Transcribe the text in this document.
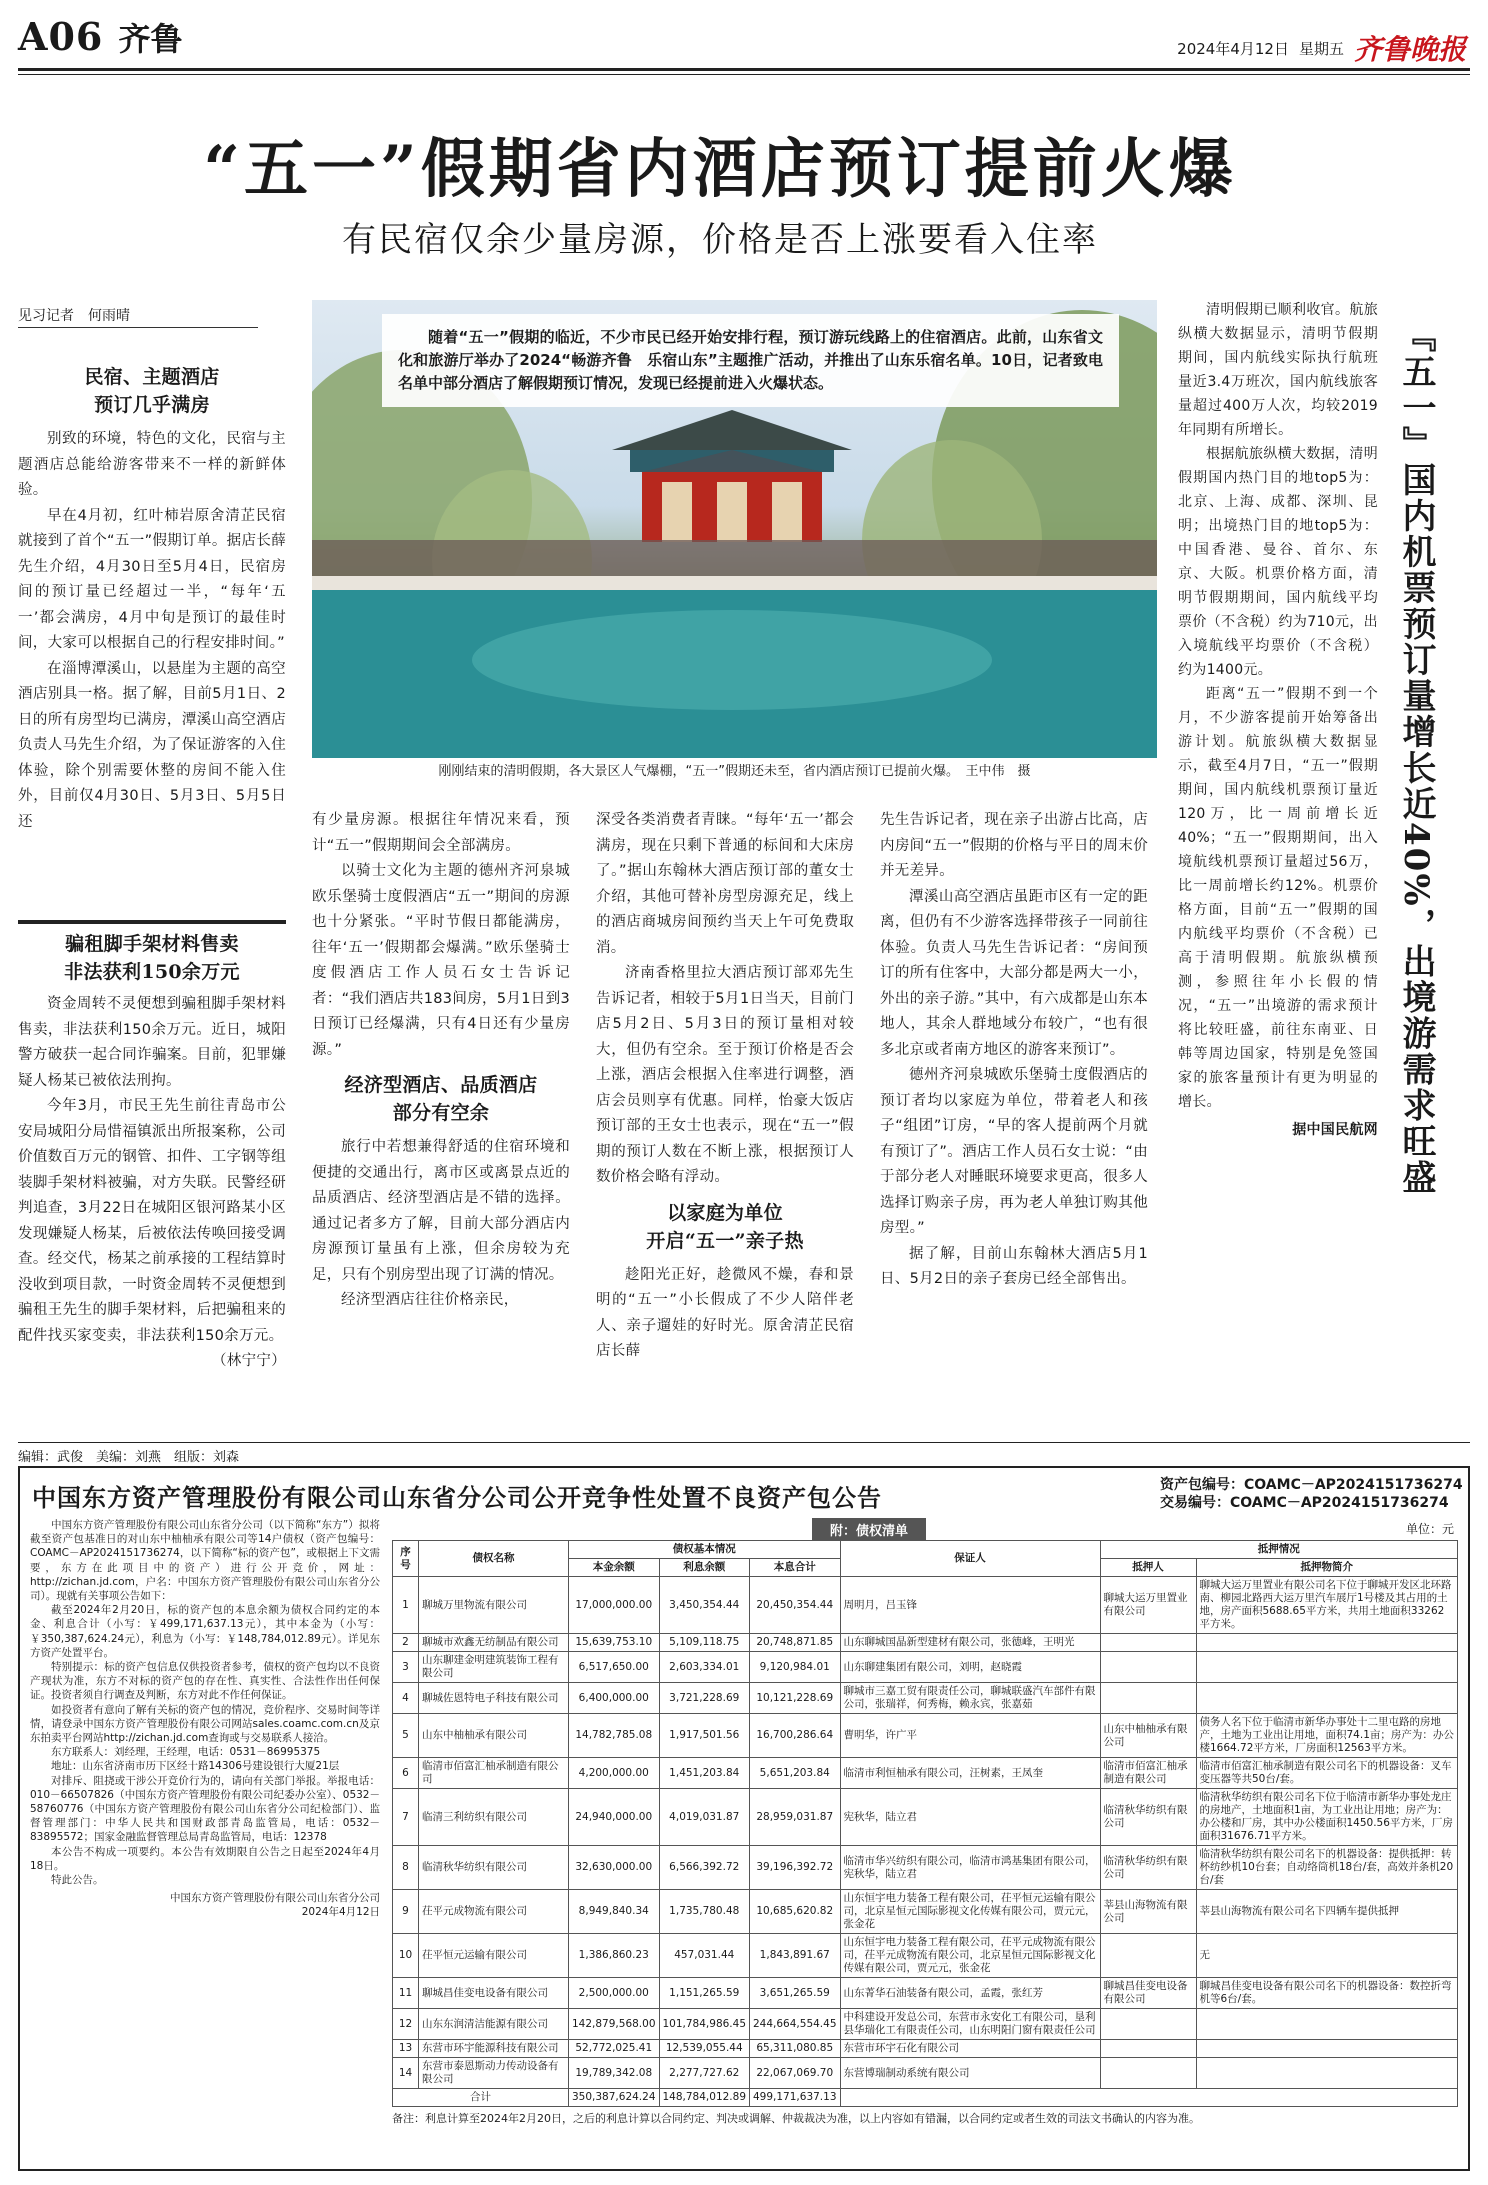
A06 齐鲁	2024年4月12日 星期五 齐鲁晚报
“五一”假期省内酒店预订提前火爆
有民宿仅余少量房源，价格是否上涨要看入住率
见习记者　何雨晴
民宿、主题酒店
预订几乎满房

别致的环境，特色的文化，民宿与主题酒店总能给游客带来不一样的新鲜体验。

早在4月初，红叶柿岩原舍清芷民宿就接到了首个“五一”假期订单。据店长薛先生介绍，4月30日至5月4日，民宿房间的预订量已经超过一半，“每年‘五一’都会满房，4月中旬是预订的最佳时间，大家可以根据自己的行程安排时间。”

在淄博潭溪山，以悬崖为主题的高空酒店别具一格。据了解，目前5月1日、2日的所有房型均已满房，潭溪山高空酒店负责人马先生介绍，为了保证游客的入住体验，除个别需要休整的房间不能入住外，目前仅4月30日、5月3日、5月5日还

骗租脚手架材料售卖
非法获利150余万元

资金周转不灵便想到骗租脚手架材料售卖，非法获利150余万元。近日，城阳警方破获一起合同诈骗案。目前，犯罪嫌疑人杨某已被依法刑拘。

今年3月，市民王先生前往青岛市公安局城阳分局惜福镇派出所报案称，公司价值数百万元的钢管、扣件、工字钢等组装脚手架材料被骗，对方失联。民警经研判追查，3月22日在城阳区银河路某小区发现嫌疑人杨某，后被依法传唤回接受调查。经交代，杨某之前承接的工程结算时没收到项目款，一时资金周转不灵便想到骗租王先生的脚手架材料，后把骗租来的配件找买家变卖，非法获利150余万元。

（林宁宁）
随着“五一”假期的临近，不少市民已经开始安排行程，预订游玩线路上的住宿酒店。此前，山东省文化和旅游厅举办了2024“畅游齐鲁　乐宿山东”主题推广活动，并推出了山东乐宿名单。10日，记者致电名单中部分酒店了解假期预订情况，发现已经提前进入火爆状态。
刚刚结束的清明假期，各大景区人气爆棚，“五一”假期还未至，省内酒店预订已提前火爆。　王中伟　摄

有少量房源。根据往年情况来看，预计“五一”假期期间会全部满房。

以骑士文化为主题的德州齐河泉城欧乐堡骑士度假酒店“五一”期间的房源也十分紧张。“平时节假日都能满房，往年‘五一’假期都会爆满。”欧乐堡骑士度假酒店工作人员石女士告诉记者：“我们酒店共183间房，5月1日到3日预订已经爆满，只有4日还有少量房源。”

经济型酒店、品质酒店
部分有空余

旅行中若想兼得舒适的住宿环境和便捷的交通出行，离市区或离景点近的品质酒店、经济型酒店是不错的选择。通过记者多方了解，目前大部分酒店内房源预订量虽有上涨，但余房较为充足，只有个别房型出现了订满的情况。

经济型酒店往往价格亲民，

深受各类消费者青睐。“每年‘五一’都会满房，现在只剩下普通的标间和大床房了。”据山东翰林大酒店预订部的董女士介绍，其他可替补房型房源充足，线上的酒店商城房间预约当天上午可免费取消。

济南香格里拉大酒店预订部邓先生告诉记者，相较于5月1日当天，目前门店5月2日、5月3日的预订量相对较大，但仍有空余。至于预订价格是否会上涨，酒店会根据入住率进行调整，酒店会员则享有优惠。同样，怡豪大饭店预订部的王女士也表示，现在“五一”假期的预订人数在不断上涨，根据预订人数价格会略有浮动。

以家庭为单位
开启“五一”亲子热

趁阳光正好，趁微风不燥，春和景明的“五一”小长假成了不少人陪伴老人、亲子遛娃的好时光。原舍清芷民宿店长薛

先生告诉记者，现在亲子出游占比高，店内房间“五一”假期的价格与平日的周末价并无差异。

潭溪山高空酒店虽距市区有一定的距离，但仍有不少游客选择带孩子一同前往体验。负责人马先生告诉记者：“房间预订的所有住客中，大部分都是两大一小，外出的亲子游。”其中，有六成都是山东本地人，其余人群地域分布较广，“也有很多北京或者南方地区的游客来预订”。

德州齐河泉城欧乐堡骑士度假酒店的预订者均以家庭为单位，带着老人和孩子“组团”订房，“早的客人提前两个月就有预订了”。酒店工作人员石女士说：“由于部分老人对睡眠环境要求更高，很多人选择订购亲子房，再为老人单独订购其他房型。”

据了解，目前山东翰林大酒店5月1日、5月2日的亲子套房已经全部售出。

清明假期已顺利收官。航旅纵横大数据显示，清明节假期期间，国内航线实际执行航班量近3.4万班次，国内航线旅客量超过400万人次，均较2019年同期有所增长。

根据航旅纵横大数据，清明假期国内热门目的地top5为：北京、上海、成都、深圳、昆明；出境热门目的地top5为：中国香港、曼谷、首尔、东京、大阪。机票价格方面，清明节假期期间，国内航线平均票价（不含税）约为710元，出入境航线平均票价（不含税）约为1400元。

距离“五一”假期不到一个月，不少游客提前开始筹备出游计划。航旅纵横大数据显示，截至4月7日，“五一”假期期间，国内航线机票预订量近120万，比一周前增长近40%；“五一”假期期间，出入境航线机票预订量超过56万，比一周前增长约12%。机票价格方面，目前“五一”假期的国内航线平均票价（不含税）已高于清明假期。航旅纵横预测，参照往年小长假的情况，“五一”出境游的需求预计将比较旺盛，前往东南亚、日韩等周边国家，特别是免签国家的旅客量预计有更为明显的增长。

据中国民航网 『五一』国内机票预订量增长近40%，出境游需求旺盛
编辑：武俊　美编：刘燕　组版：刘森
中国东方资产管理股份有限公司山东省分公司公开竞争性处置不良资产包公告	资产包编号：COAMC－AP2024151736274
交易编号：COAMC－AP2024151736274
中国东方资产管理股份有限公司山东省分公司（以下简称“东方”）拟将截至资产包基准日的对山东中柚柚承有限公司等14户债权（资产包编号：COAMC－AP2024151736274，以下简称“标的资产包”，或根据上下文需要，东方在此项目中的资产）进行公开竞价，网址：http://zichan.jd.com，户名：中国东方资产管理股份有限公司山东省分公司）。现就有关事项公告如下：
截至2024年2月20日，标的资产包的本息余额为债权合同约定的本金、利息合计（小写：￥499,171,637.13元），其中本金为（小写：￥350,387,624.24元），利息为（小写：￥148,784,012.89元）。详见东方资产处置平台。
特别提示：标的资产包信息仅供投资者参考，债权的资产包均以不良资产现状为准，东方不对标的资产包的存在性、真实性、合法性作出任何保证。投资者须自行调查及判断，东方对此不作任何保证。
如投资者有意向了解有关标的资产包的情况，竞价程序、交易时间等详情，请登录中国东方资产管理股份有限公司网站sales.coamc.com.cn及京东拍卖平台网站http://zichan.jd.com查询或与交易联系人接洽。
东方联系人：刘经理，王经理，电话：0531－86995375
地址：山东省济南市历下区经十路14306号建设银行大厦21层
对排斥、阻挠或干涉公开竞价行为的，请向有关部门举报。举报电话：010－66507826（中国东方资产管理股份有限公司纪委办公室）、0532－58760776（中国东方资产管理股份有限公司山东省分公司纪检部门）、监督管理部门：中华人民共和国财政部青岛监管局，电话：0532－83895572；国家金融监督管理总局青岛监管局，电话：12378
本公告不构成一项要约。本公告有效期限自公告之日起至2024年4月18日。
特此公告。
中国东方资产管理股份有限公司山东省分公司
2024年4月12日
附：债权清单	单位：元
序号	债权名称	债权基本情况			保证人	抵押情况	
		本金余额	利息余额	本息合计		抵押人	抵押物简介
1	聊城万里物流有限公司	17,000,000.00	3,450,354.44	20,450,354.44	周明月，吕玉锋	聊城大运万里置业有限公司	聊城大运万里置业有限公司名下位于聊城开发区北环路南、柳园北路西大运万里汽车展厅1号楼及其占用的土地，房产面积5688.65平方米，共用土地面积33262平方米。
2	聊城市欢鑫无纺制品有限公司	15,639,753.10	5,109,118.75	20,748,871.85	山东聊城国晶新型建材有限公司，张德峰，王明光		
3	山东聊建金明建筑装饰工程有限公司	6,517,650.00	2,603,334.01	9,120,984.01	山东聊建集团有限公司，刘明，赵晓霞		
4	聊城佐恩特电子科技有限公司	6,400,000.00	3,721,228.69	10,121,228.69	聊城市三嘉工贸有限责任公司，聊城联盛汽车部件有限公司，张瑞祥，何秀梅，赖永宾，张嘉茹		
5	山东中柚柚承有限公司	14,782,785.08	1,917,501.56	16,700,286.64	曹明华，许广平	山东中柚柚承有限公司	债务人名下位于临清市新华办事处十二里屯路的房地产，土地为工业出让用地，面积74.1亩；房产为：办公楼1664.72平方米，厂房面积12563平方米。
6	临清市佰富汇柚承制造有限公司	4,200,000.00	1,451,203.84	5,651,203.84	临清市利恒柚承有限公司，汪树素，王凤奎	临清市佰富汇柚承制造有限公司	临清市佰富汇柚承制造有限公司名下的机器设备：叉车变压器等共50台/套。
7	临清三利纺织有限公司	24,940,000.00	4,019,031.87	28,959,031.87	宪秋华，陆立君	临清秋华纺织有限公司	临清秋华纺织有限公司名下位于临清市新华办事处龙庄的房地产，土地面积1亩，为工业出让用地；房产为：办公楼和厂房，其中办公楼面积1450.56平方米，厂房面积31676.71平方米。
8	临清秋华纺织有限公司	32,630,000.00	6,566,392.72	39,196,392.72	临清市华兴纺织有限公司，临清市鸿基集团有限公司，宪秋华，陆立君	临清秋华纺织有限公司	临清秋华纺织有限公司名下的机器设备：提供抵押：转杯纺纱机10台套；自动络筒机18台/套，高效并条机20台/套
9	茌平元成物流有限公司	8,949,840.34	1,735,780.48	10,685,620.82	山东恒宇电力装备工程有限公司，茌平恒元运输有限公司，北京星恒元国际影视文化传媒有限公司，贾元元，张金花	莘县山海物流有限公司	莘县山海物流有限公司名下四辆车提供抵押
10	茌平恒元运输有限公司	1,386,860.23	457,031.44	1,843,891.67	山东恒宇电力装备工程有限公司，茌平元成物流有限公司，茌平元成物流有限公司，北京星恒元国际影视文化传媒有限公司，贾元元，张金花		无
11	聊城昌佳变电设备有限公司	2,500,000.00	1,151,265.59	3,651,265.59	山东菁华石油装备有限公司，孟霞，张红芳	聊城昌佳变电设备有限公司	聊城昌佳变电设备有限公司名下的机器设备：数控折弯机等6台/套。
12	山东东润清洁能源有限公司	142,879,568.00	101,784,986.45	244,664,554.45	中科建设开发总公司，东营市永安化工有限公司，垦利县华瑞化工有限责任公司，山东明阳门窗有限责任公司		
13	东营市环宇能源科技有限公司	52,772,025.41	12,539,055.44	65,311,080.85	东营市环宇石化有限公司		
14	东营市泰恩斯动力传动设备有限公司	19,789,342.08	2,277,727.62	22,067,069.70	东营博瑞制动系统有限公司		
合计		350,387,624.24	148,784,012.89	499,171,637.13			
备注：利息计算至2024年2月20日，之后的利息计算以合同约定、判决或调解、仲裁裁决为准，以上内容如有错漏，以合同约定或者生效的司法文书确认的内容为准。
